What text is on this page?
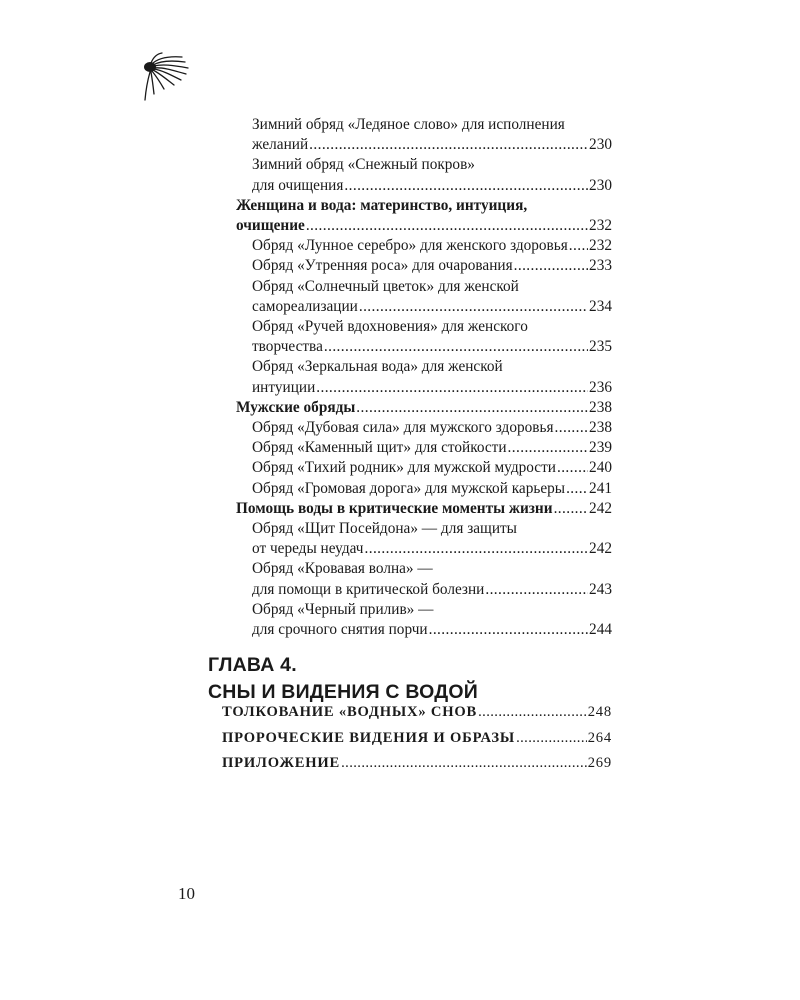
Зимний обряд «Ледяное слово» для исполнения
желаний .....	230
Зимний обряд «Снежный покров»
для очищения .....	230
Женщина и вода: материнство, интуиция,
очищение .....	232
Обряд «Лунное серебро» для женского здоровья ..... 232
Обряд «Утренняя роса» для очарования .....	233
Обряд «Солнечный цветок» для женской
самореализации .....	234
Обряд «Ручей вдохновения» для женского
творчества .....	235
Обряд «Зеркальная вода» для женской
интуиции .....	236
Мужские обряды .....	238
Обряд «Дубовая сила» для мужского здоровья ..... 238
Обряд «Каменный щит» для стойкости .....	239
Обряд «Тихий родник» для мужской мудрости ..... 240
Обряд «Громовая дорога» для мужской карьеры ..... 241
Помощь воды в критические моменты жизни ..... 242
Обряд «Щит Посейдона» — для защиты
от череды неудач .....	242
Обряд «Кровавая волна» —
для помощи в критической болезни .....	243
Обряд «Черный прилив» —
для срочного снятия порчи .....	244
ГЛАВА 4.
СНЫ И ВИДЕНИЯ С ВОДОЙ
ТОЛКОВАНИЕ «ВОДНЫХ» СНОВ .....	248
ПРОРОЧЕСКИЕ ВИДЕНИЯ И ОБРАЗЫ .....	264
ПРИЛОЖЕНИЕ .....	269
10
